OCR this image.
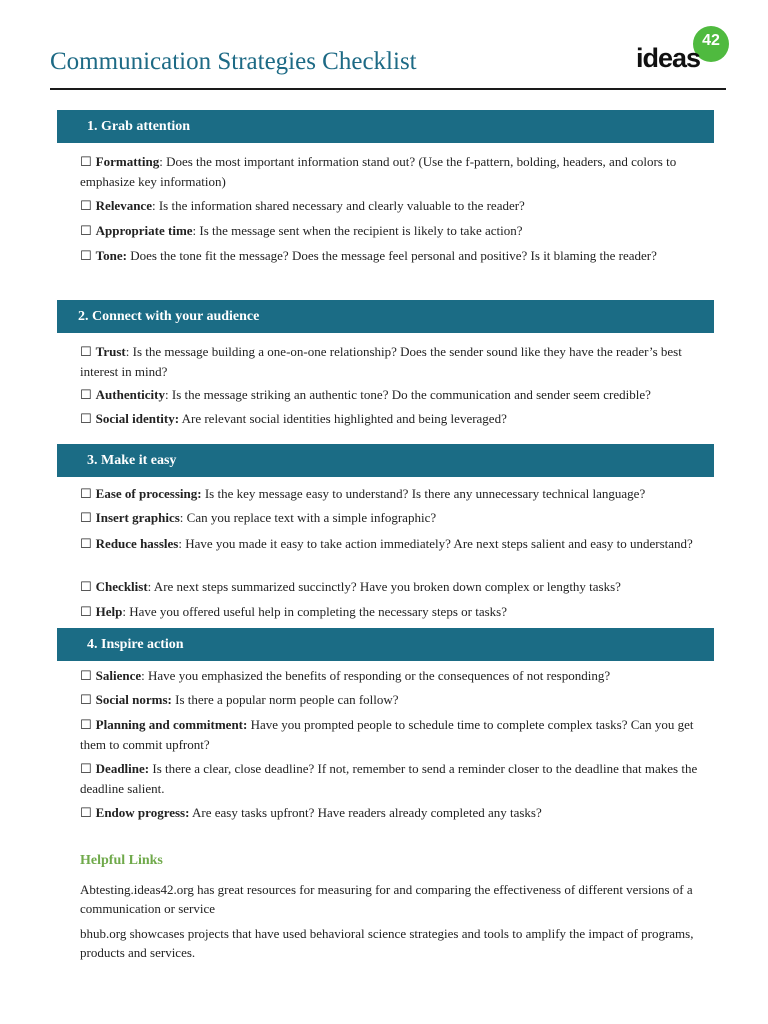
Communication Strategies Checklist
42
ideas
1. Grab attention
☐ Formatting: Does the most important information stand out? (Use the f-pattern, bolding, headers, and colors to emphasize key information)
☐ Relevance: Is the information shared necessary and clearly valuable to the reader?
☐ Appropriate time: Is the message sent when the recipient is likely to take action?
☐ Tone: Does the tone fit the message? Does the message feel personal and positive? Is it blaming the reader?
2. Connect with your audience
☐ Trust: Is the message building a one-on-one relationship? Does the sender sound like they have the reader’s best interest in mind?
☐ Authenticity: Is the message striking an authentic tone? Do the communication and sender seem credible?
☐ Social identity: Are relevant social identities highlighted and being leveraged?
3. Make it easy
☐ Ease of processing: Is the key message easy to understand? Is there any unnecessary technical language?
☐ Insert graphics: Can you replace text with a simple infographic?
☐ Reduce hassles: Have you made it easy to take action immediately? Are next steps salient and easy to understand?
☐ Checklist: Are next steps summarized succinctly? Have you broken down complex or lengthy tasks?
☐ Help: Have you offered useful help in completing the necessary steps or tasks?
4. Inspire action
☐ Salience: Have you emphasized the benefits of responding or the consequences of not responding?
☐ Social norms: Is there a popular norm people can follow?
☐ Planning and commitment: Have you prompted people to schedule time to complete complex tasks? Can you get them to commit upfront?
☐ Deadline: Is there a clear, close deadline? If not, remember to send a reminder closer to the deadline that makes the deadline salient.
☐ Endow progress: Are easy tasks upfront? Have readers already completed any tasks?
Helpful Links
Abtesting.ideas42.org has great resources for measuring for and comparing the effectiveness of different versions of a communication or service
bhub.org showcases projects that have used behavioral science strategies and tools to amplify the impact of programs, products and services.
